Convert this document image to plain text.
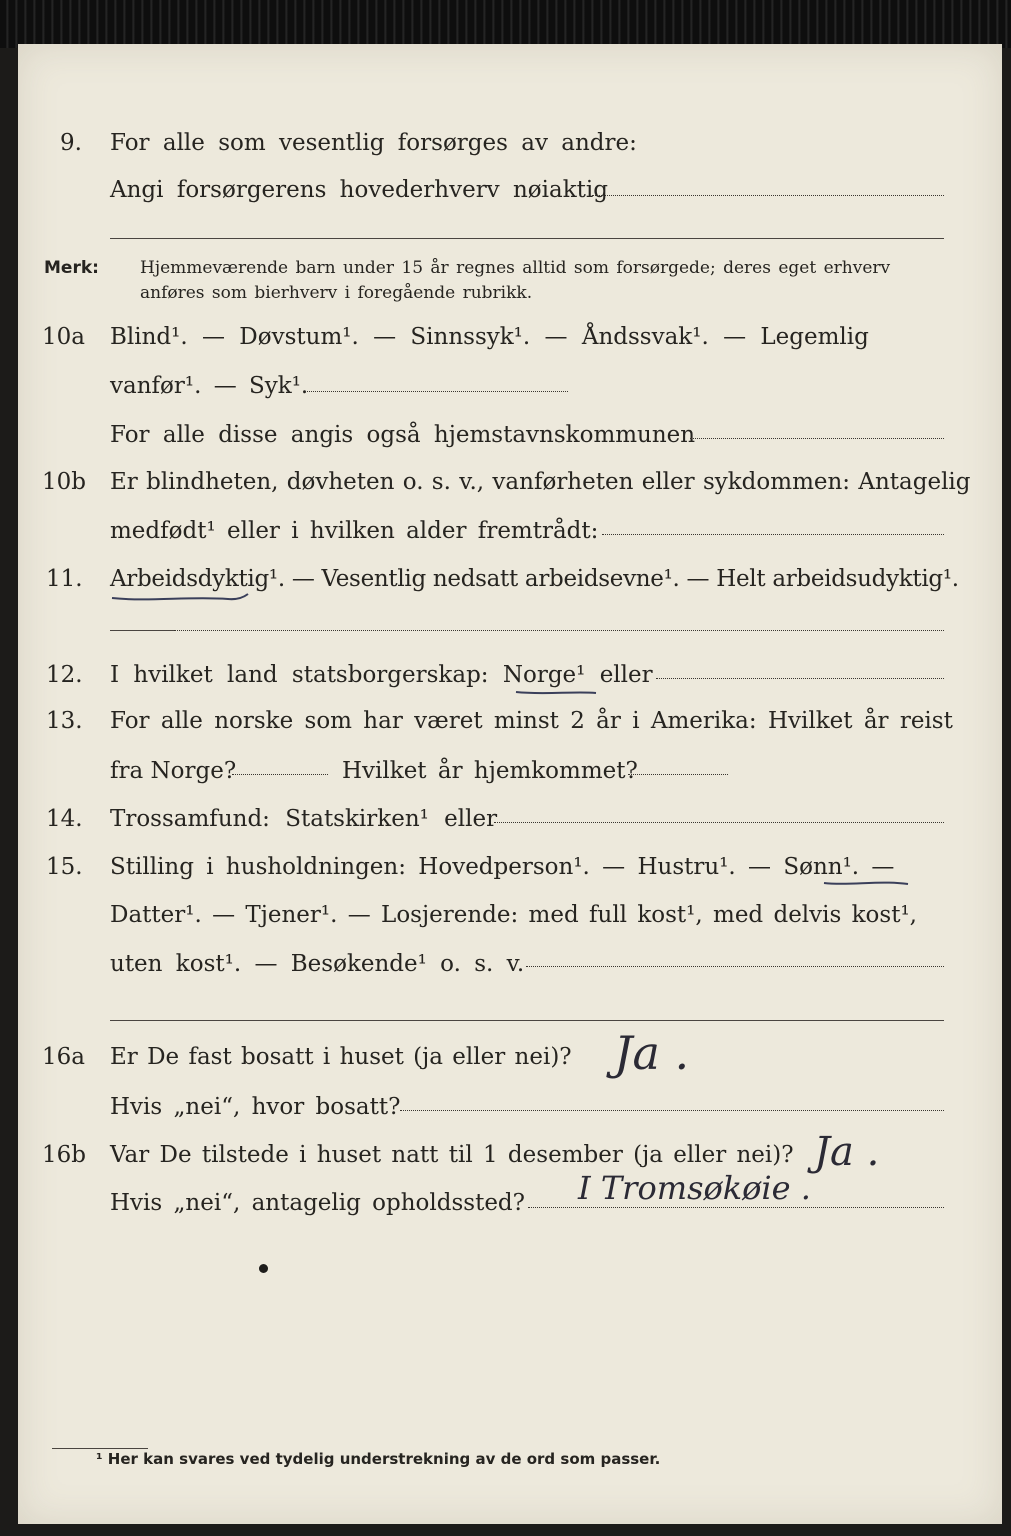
9. For alle som vesentlig forsørges av andre:
Angi forsørgerens hovederhverv nøiaktig
Merk: Hjemmeværende barn under 15 år regnes alltid som forsørgede; deres eget erhverv
anføres som bierhverv i foregående rubrikk.
10a Blind¹. — Døvstum¹. — Sinnssyk¹. — Åndssvak¹. — Legemlig
vanfør¹. — Syk¹.
For alle disse angis også hjemstavnskommunen
10b Er blindheten, døvheten o. s. v., vanførheten eller sykdommen: Antagelig
medfødt¹ eller i hvilken alder fremtrådt:
11. Arbeidsdyktig¹. — Vesentlig nedsatt arbeidsevne¹. — Helt arbeidsudyktig¹.
12. I hvilket land statsborgerskap: Norge¹ eller
13. For alle norske som har været minst 2 år i Amerika: Hvilket år reist
fra Norge?	Hvilket år hjemkommet?
14. Trossamfund: Statskirken¹ eller
15. Stilling i husholdningen: Hovedperson¹. — Hustru¹. — Sønn¹. —
Datter¹. — Tjener¹. — Losjerende: med full kost¹, med delvis kost¹,
uten kost¹. — Besøkende¹ o. s. v.
16a Er De fast bosatt i huset (ja eller nei)? Ja .
Hvis „nei“, hvor bosatt?
16b Var De tilstede i huset natt til 1 desember (ja eller nei)? Ja .
Hvis „nei“, antagelig opholdssted? I Tromsøkøie .
¹ Her kan svares ved tydelig understrekning av de ord som passer.
